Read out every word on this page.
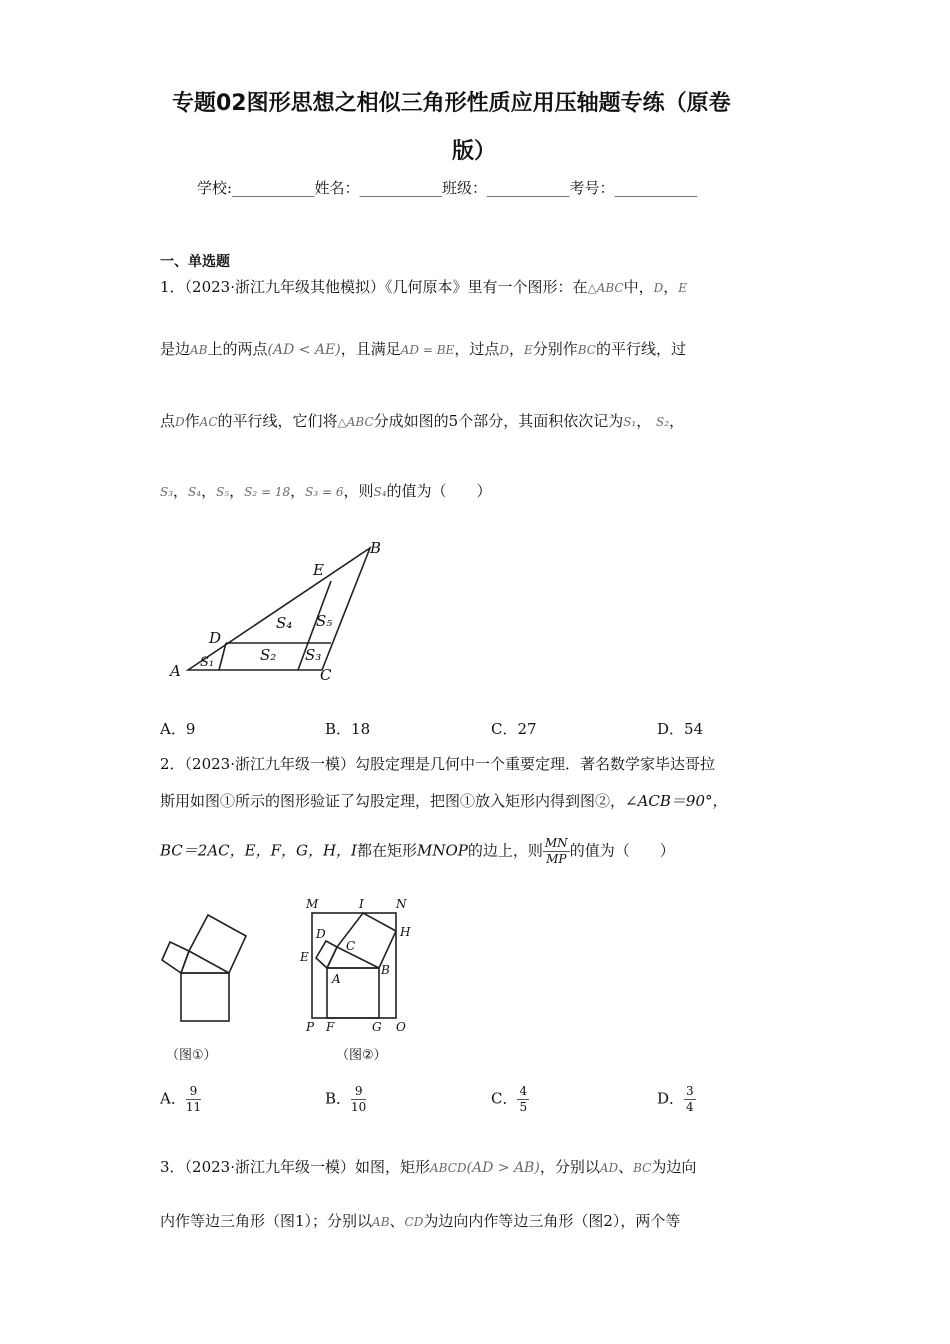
专题02图形思想之相似三角形性质应用压轴题专练（原卷
版）
学校:___________姓名：___________班级：___________考号：___________
一、单选题
1．（2023·浙江九年级其他模拟）《几何原本》里有一个图形：在△ABC中，D，E
是边AB上的两点(AD < AE)，且满足AD = BE，过点D，E分别作BC的平行线，过
点D作AC的平行线，它们将△ABC分成如图的5个部分，其面积依次记为S₁， S₂，
S₃，S₄，S₅，S₂ = 18，S₃ = 6，则S₄的值为（　　）
B
E
D
A	C
S₄ S₅
S₂ S₃
S₁
A．9	B．18	C．27	D．54
2．（2023·浙江九年级一模）勾股定理是几何中一个重要定理．著名数学家毕达哥拉
斯用如图①所示的图形验证了勾股定理，把图①放入矩形内得到图②，∠ACB＝90°，
BC＝2AC，E，F，G，H，I都在矩形MNOP的边上，则 $\frac{MN}{MP}$ 的值为（　　）
（图①）
M	I	N
H
D
C
E
A
B
P F	G O
（图②）
A． $\frac{9}{11}$	B． $\frac{9}{10}$	C． $\frac{4}{5}$	D． $\frac{3}{4}$
3．（2023·浙江九年级一模）如图，矩形ABCD(AD > AB)，分别以AD、BC为边向
内作等边三角形（图1）；分别以AB、CD为边向内作等边三角形（图2），两个等
